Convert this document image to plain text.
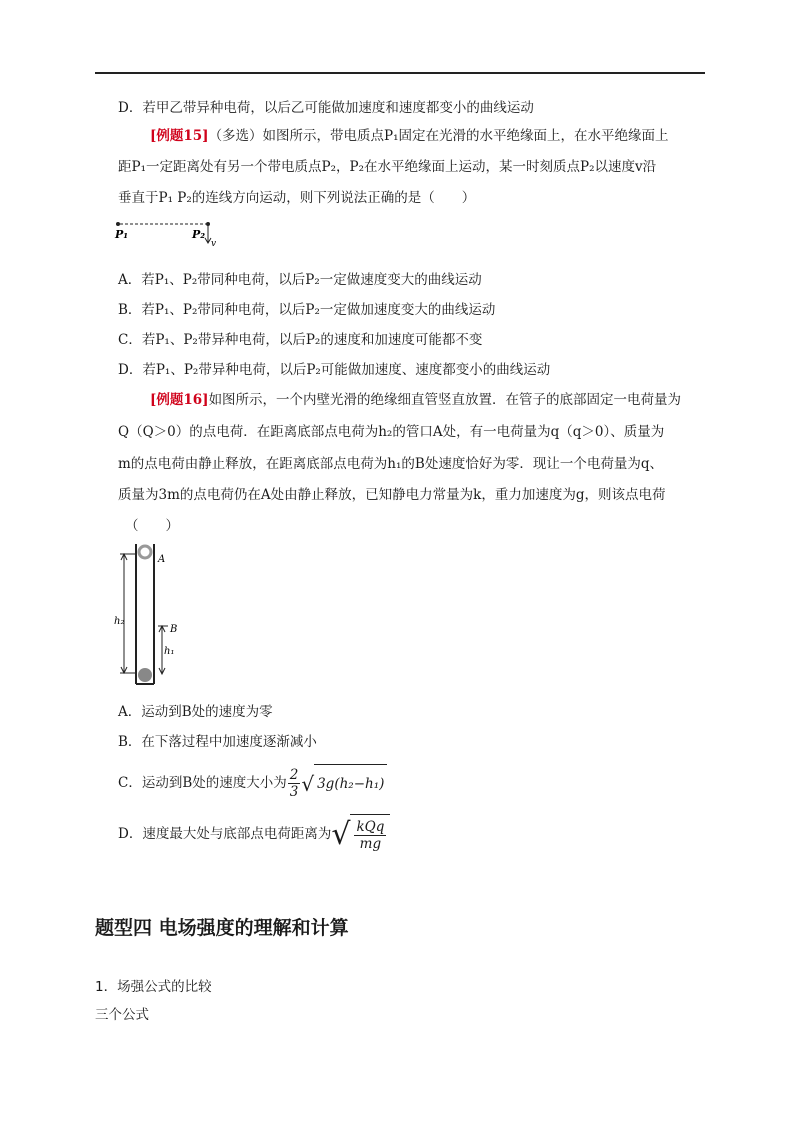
D．若甲乙带异种电荷，以后乙可能做加速度和速度都变小的曲线运动
[例题15]（多选）如图所示，带电质点P₁固定在光滑的水平绝缘面上，在水平绝缘面上
距P₁一定距离处有另一个带电质点P₂，P₂在水平绝缘面上运动，某一时刻质点P₂以速度v沿
垂直于P₁ P₂的连线方向运动，则下列说法正确的是（　　）
P₁	P₂
v
A．若P₁、P₂带同种电荷，以后P₂一定做速度变大的曲线运动
B．若P₁、P₂带同种电荷，以后P₂一定做加速度变大的曲线运动
C．若P₁、P₂带异种电荷，以后P₂的速度和加速度可能都不变
D．若P₁、P₂带异种电荷，以后P₂可能做加速度、速度都变小的曲线运动
[例题16]如图所示，一个内壁光滑的绝缘细直管竖直放置．在管子的底部固定一电荷量为
Q（Q＞0）的点电荷．在距离底部点电荷为h₂的管口A处，有一电荷量为q（q＞0）、质量为
m的点电荷由静止释放，在距离底部点电荷为h₁的B处速度恰好为零．现让一个电荷量为q、
质量为3m的点电荷仍在A处由静止释放，已知静电力常量为k，重力加速度为g，则该点电荷
（　　）
A
B
h₂
h₁
A．运动到B处的速度为零
B．在下落过程中加速度逐渐减小
C．运动到B处的速度大小为 $\frac{2}{3}$ √ 3g(h₂−h₁)
D．速度最大处与底部点电荷距离为√ $\frac{\text{kQq}}{mg}$
题型四 电场强度的理解和计算
1．场强公式的比较
三个公式
